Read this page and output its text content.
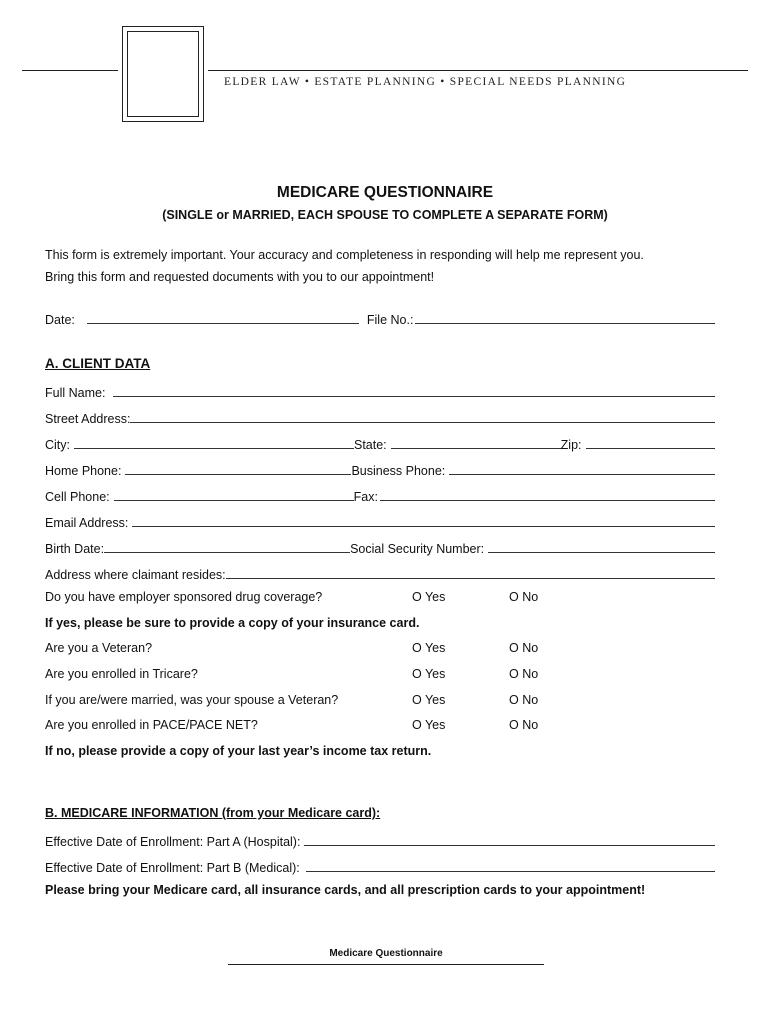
ELDER LAW • ESTATE PLANNING • SPECIAL NEEDS PLANNING
MEDICARE QUESTIONNAIRE
(SINGLE or MARRIED, EACH SPOUSE TO COMPLETE A SEPARATE FORM)
This form is extremely important. Your accuracy and completeness in responding will help me represent you.
Bring this form and requested documents with you to our appointment!
Date:	File No.:
A. CLIENT DATA
Full Name:
Street Address:
City:	State:	Zip:
Home Phone:	Business Phone:
Cell Phone:	Fax:
Email Address:
Birth Date:	Social Security Number:
Address where claimant resides:
Do you have employer sponsored drug coverage?	O Yes	O No
If yes, please be sure to provide a copy of your insurance card.
Are you a Veteran?	O Yes	O No
Are you enrolled in Tricare?	O Yes	O No
If you are/were married, was your spouse a Veteran?	O Yes	O No
Are you enrolled in PACE/PACE NET?	O Yes	O No
If no, please provide a copy of your last year’s income tax return.
B. MEDICARE INFORMATION (from your Medicare card):
Effective Date of Enrollment: Part A (Hospital):
Effective Date of Enrollment: Part B (Medical):
Please bring your Medicare card, all insurance cards, and all prescription cards to your appointment!
Medicare Questionnaire
